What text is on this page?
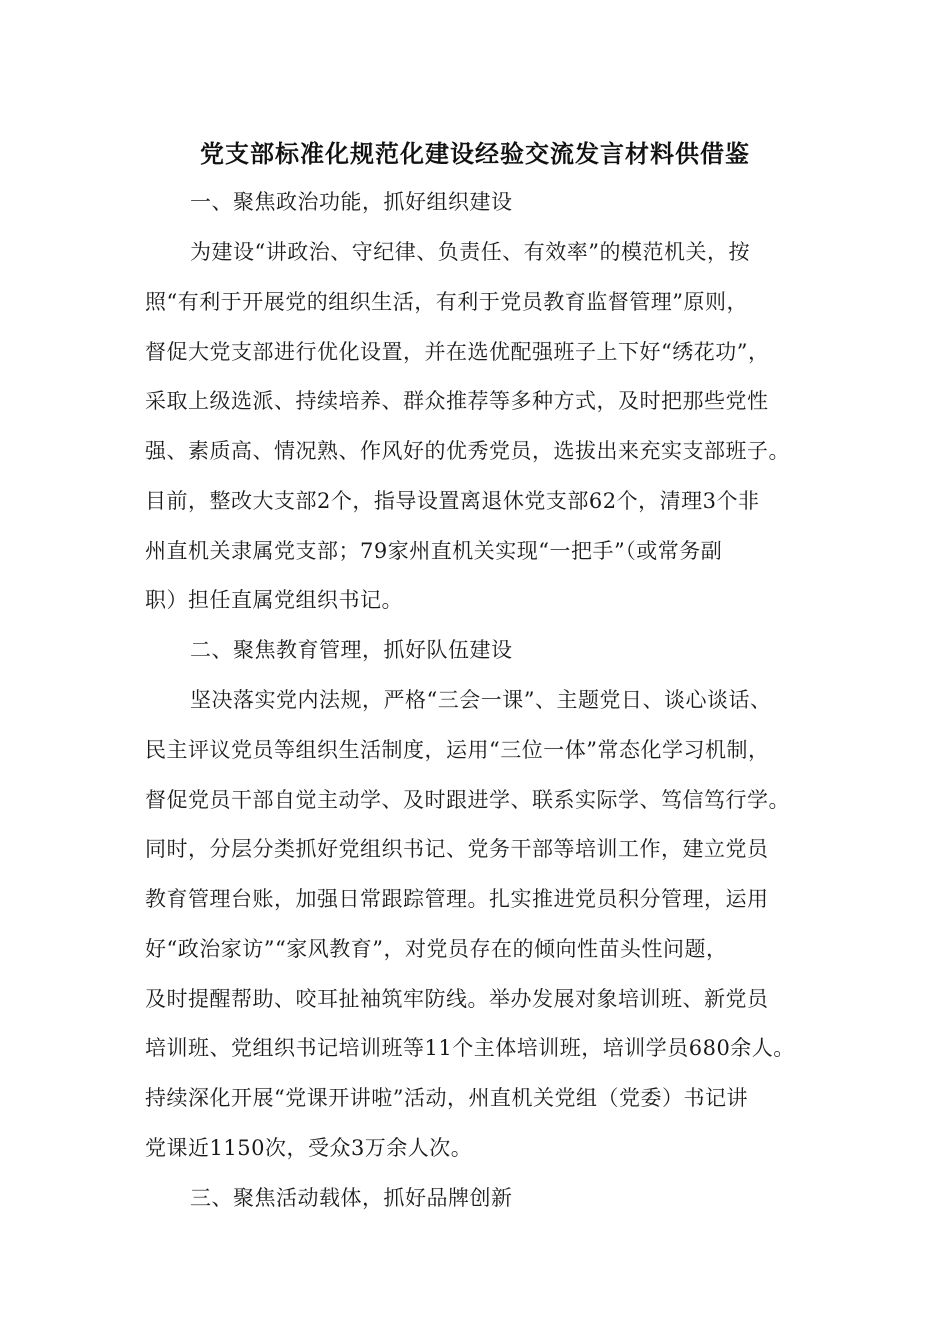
党支部标准化规范化建设经验交流发言材料供借鉴
一、聚焦政治功能，抓好组织建设
为建设“讲政治、守纪律、负责任、有效率”的模范机关，按
照“有利于开展党的组织生活，有利于党员教育监督管理”原则，
督促大党支部进行优化设置，并在选优配强班子上下好“绣花功”，
采取上级选派、持续培养、群众推荐等多种方式，及时把那些党性
强、素质高、情况熟、作风好的优秀党员，选拔出来充实支部班子。
目前，整改大支部2个，指导设置离退休党支部62个，清理3个非
州直机关隶属党支部；79家州直机关实现“一把手”（或常务副
职）担任直属党组织书记。
二、聚焦教育管理，抓好队伍建设
坚决落实党内法规，严格“三会一课”、主题党日、谈心谈话、
民主评议党员等组织生活制度，运用“三位一体”常态化学习机制，
督促党员干部自觉主动学、及时跟进学、联系实际学、笃信笃行学。
同时，分层分类抓好党组织书记、党务干部等培训工作，建立党员
教育管理台账，加强日常跟踪管理。扎实推进党员积分管理，运用
好“政治家访”“家风教育”，对党员存在的倾向性苗头性问题，
及时提醒帮助、咬耳扯袖筑牢防线。举办发展对象培训班、新党员
培训班、党组织书记培训班等11个主体培训班，培训学员680余人。
持续深化开展“党课开讲啦”活动，州直机关党组（党委）书记讲
党课近1150次，受众3万余人次。
三、聚焦活动载体，抓好品牌创新
